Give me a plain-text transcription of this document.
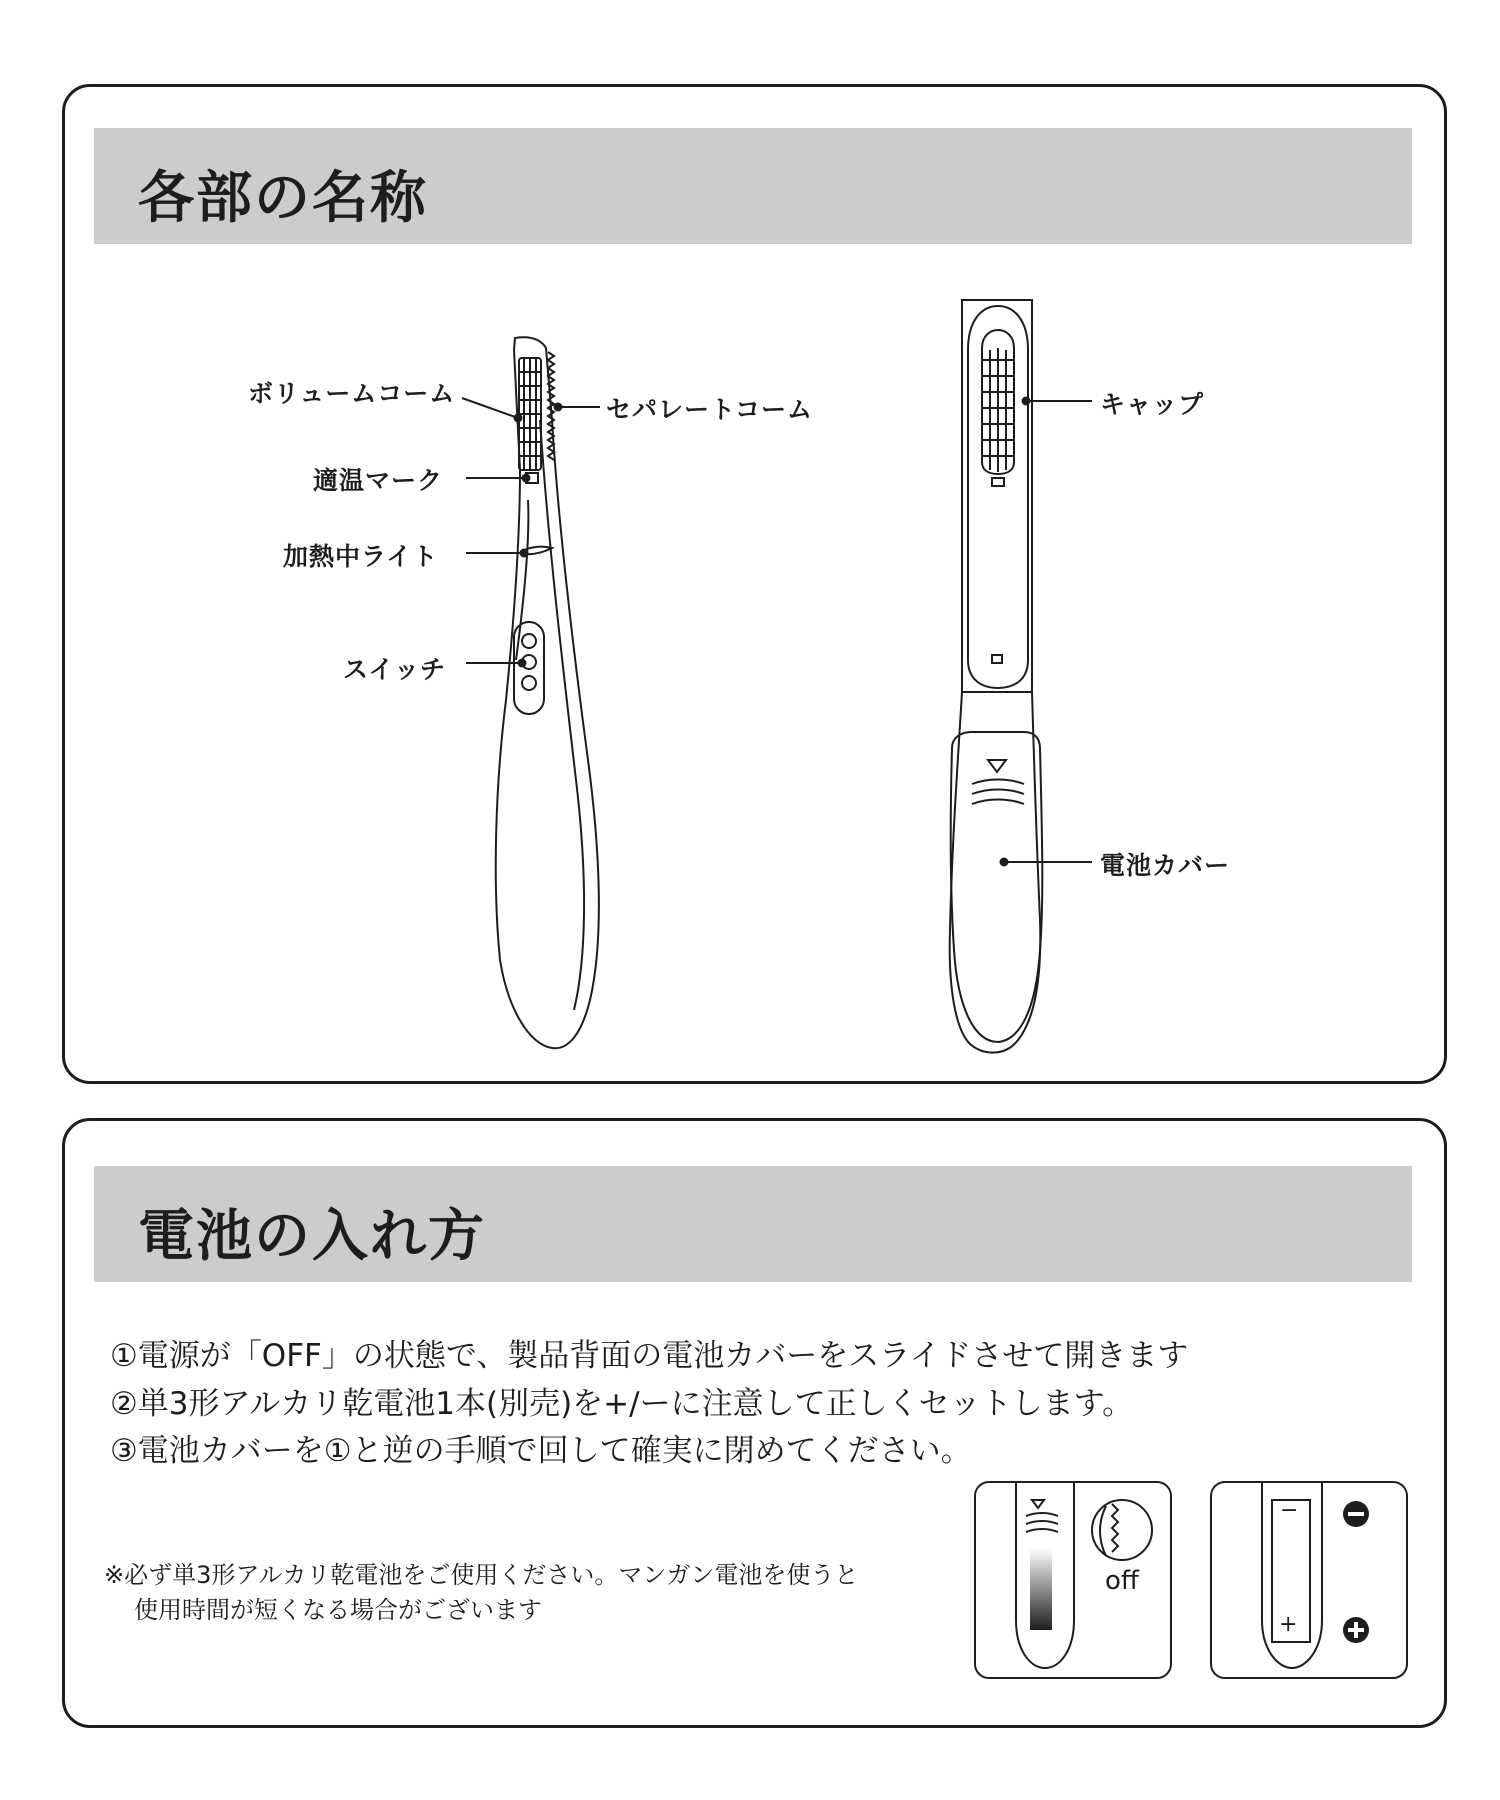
各部の名称
電池の入れ方
ボリュームコーム
適温マーク
加熱中ライト
スイッチ
セパレートコーム	キャップ
電池カバー
①電源が「OFF」の状態で、製品背面の電池カバーをスライドさせて開きます
②単3形アルカリ乾電池1本(別売)を+/ーに注意して正しくセットします。
③電池カバーを①と逆の手順で回して確実に閉めてください。
※必ず単3形アルカリ乾電池をご使用ください。マンガン電池を使うと
使用時間が短くなる場合がございます
off
−
+
